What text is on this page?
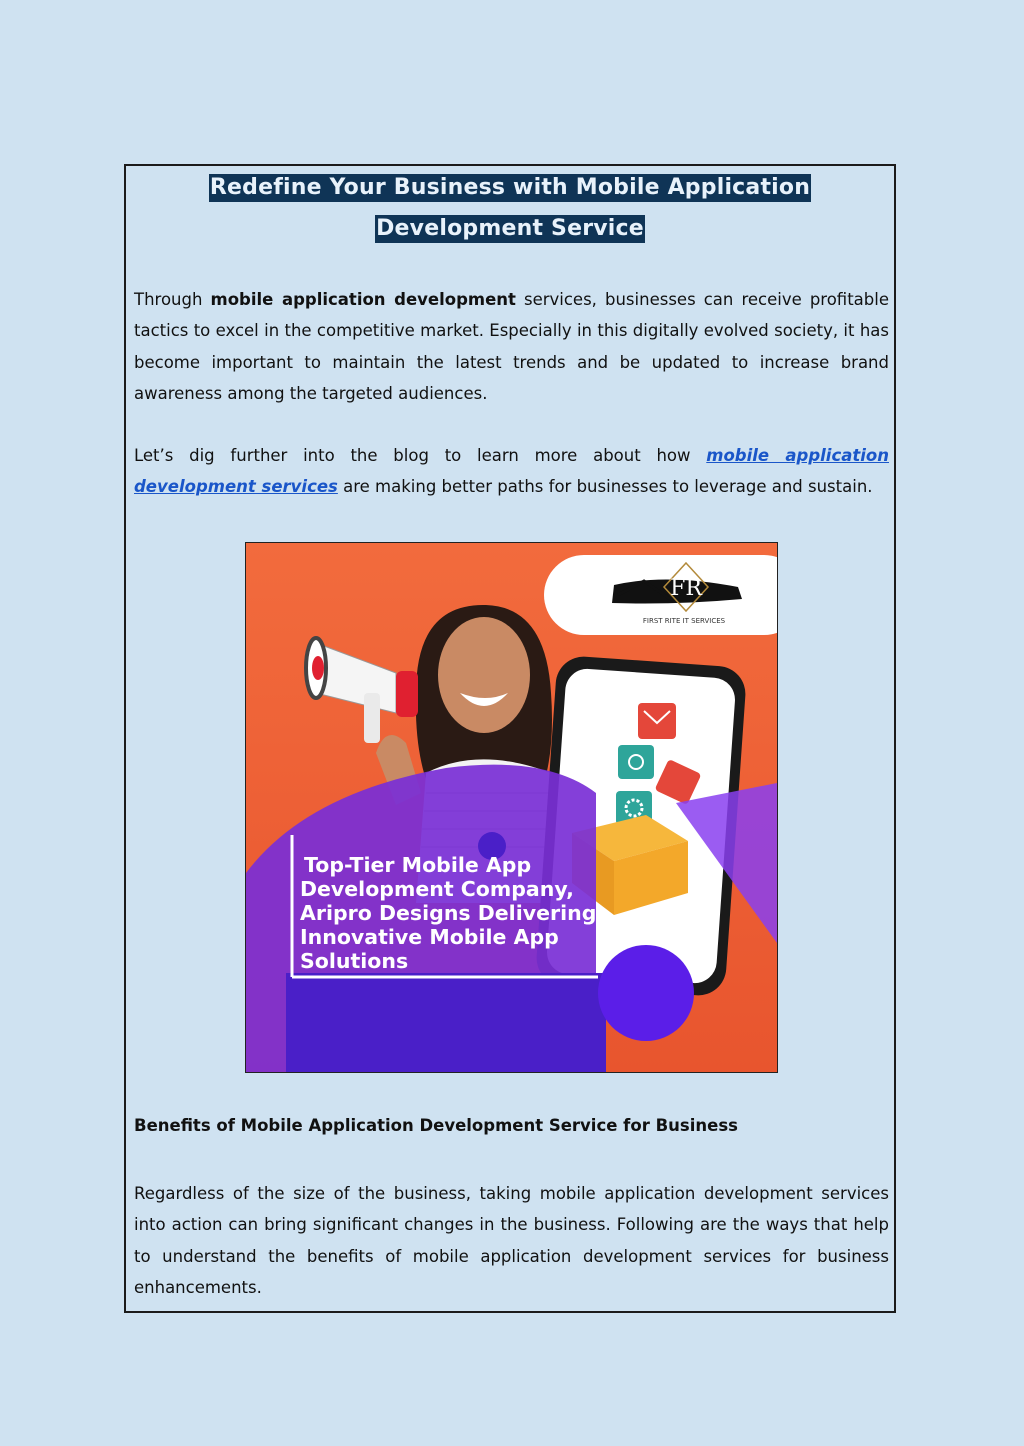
Redefine Your Business with Mobile Application
Development Service

Through mobile application development services, businesses can receive profitable tactics to excel in the competitive market. Especially in this digitally evolved society, it has become important to maintain the latest trends and be updated to increase brand awareness among the targeted audiences.

Let’s dig further into the blog to learn more about how mobile application development services are making better paths for businesses to leverage and sustain.

FR
FIRST RITE IT SERVICES
Top-Tier Mobile App
Development Company,
Aripro Designs Delivering
Innovative Mobile App
Solutions

Benefits of Mobile Application Development Service for Business

Regardless of the size of the business, taking mobile application development services into action can bring significant changes in the business. Following are the ways that help to understand the benefits of mobile application development services for business enhancements.
